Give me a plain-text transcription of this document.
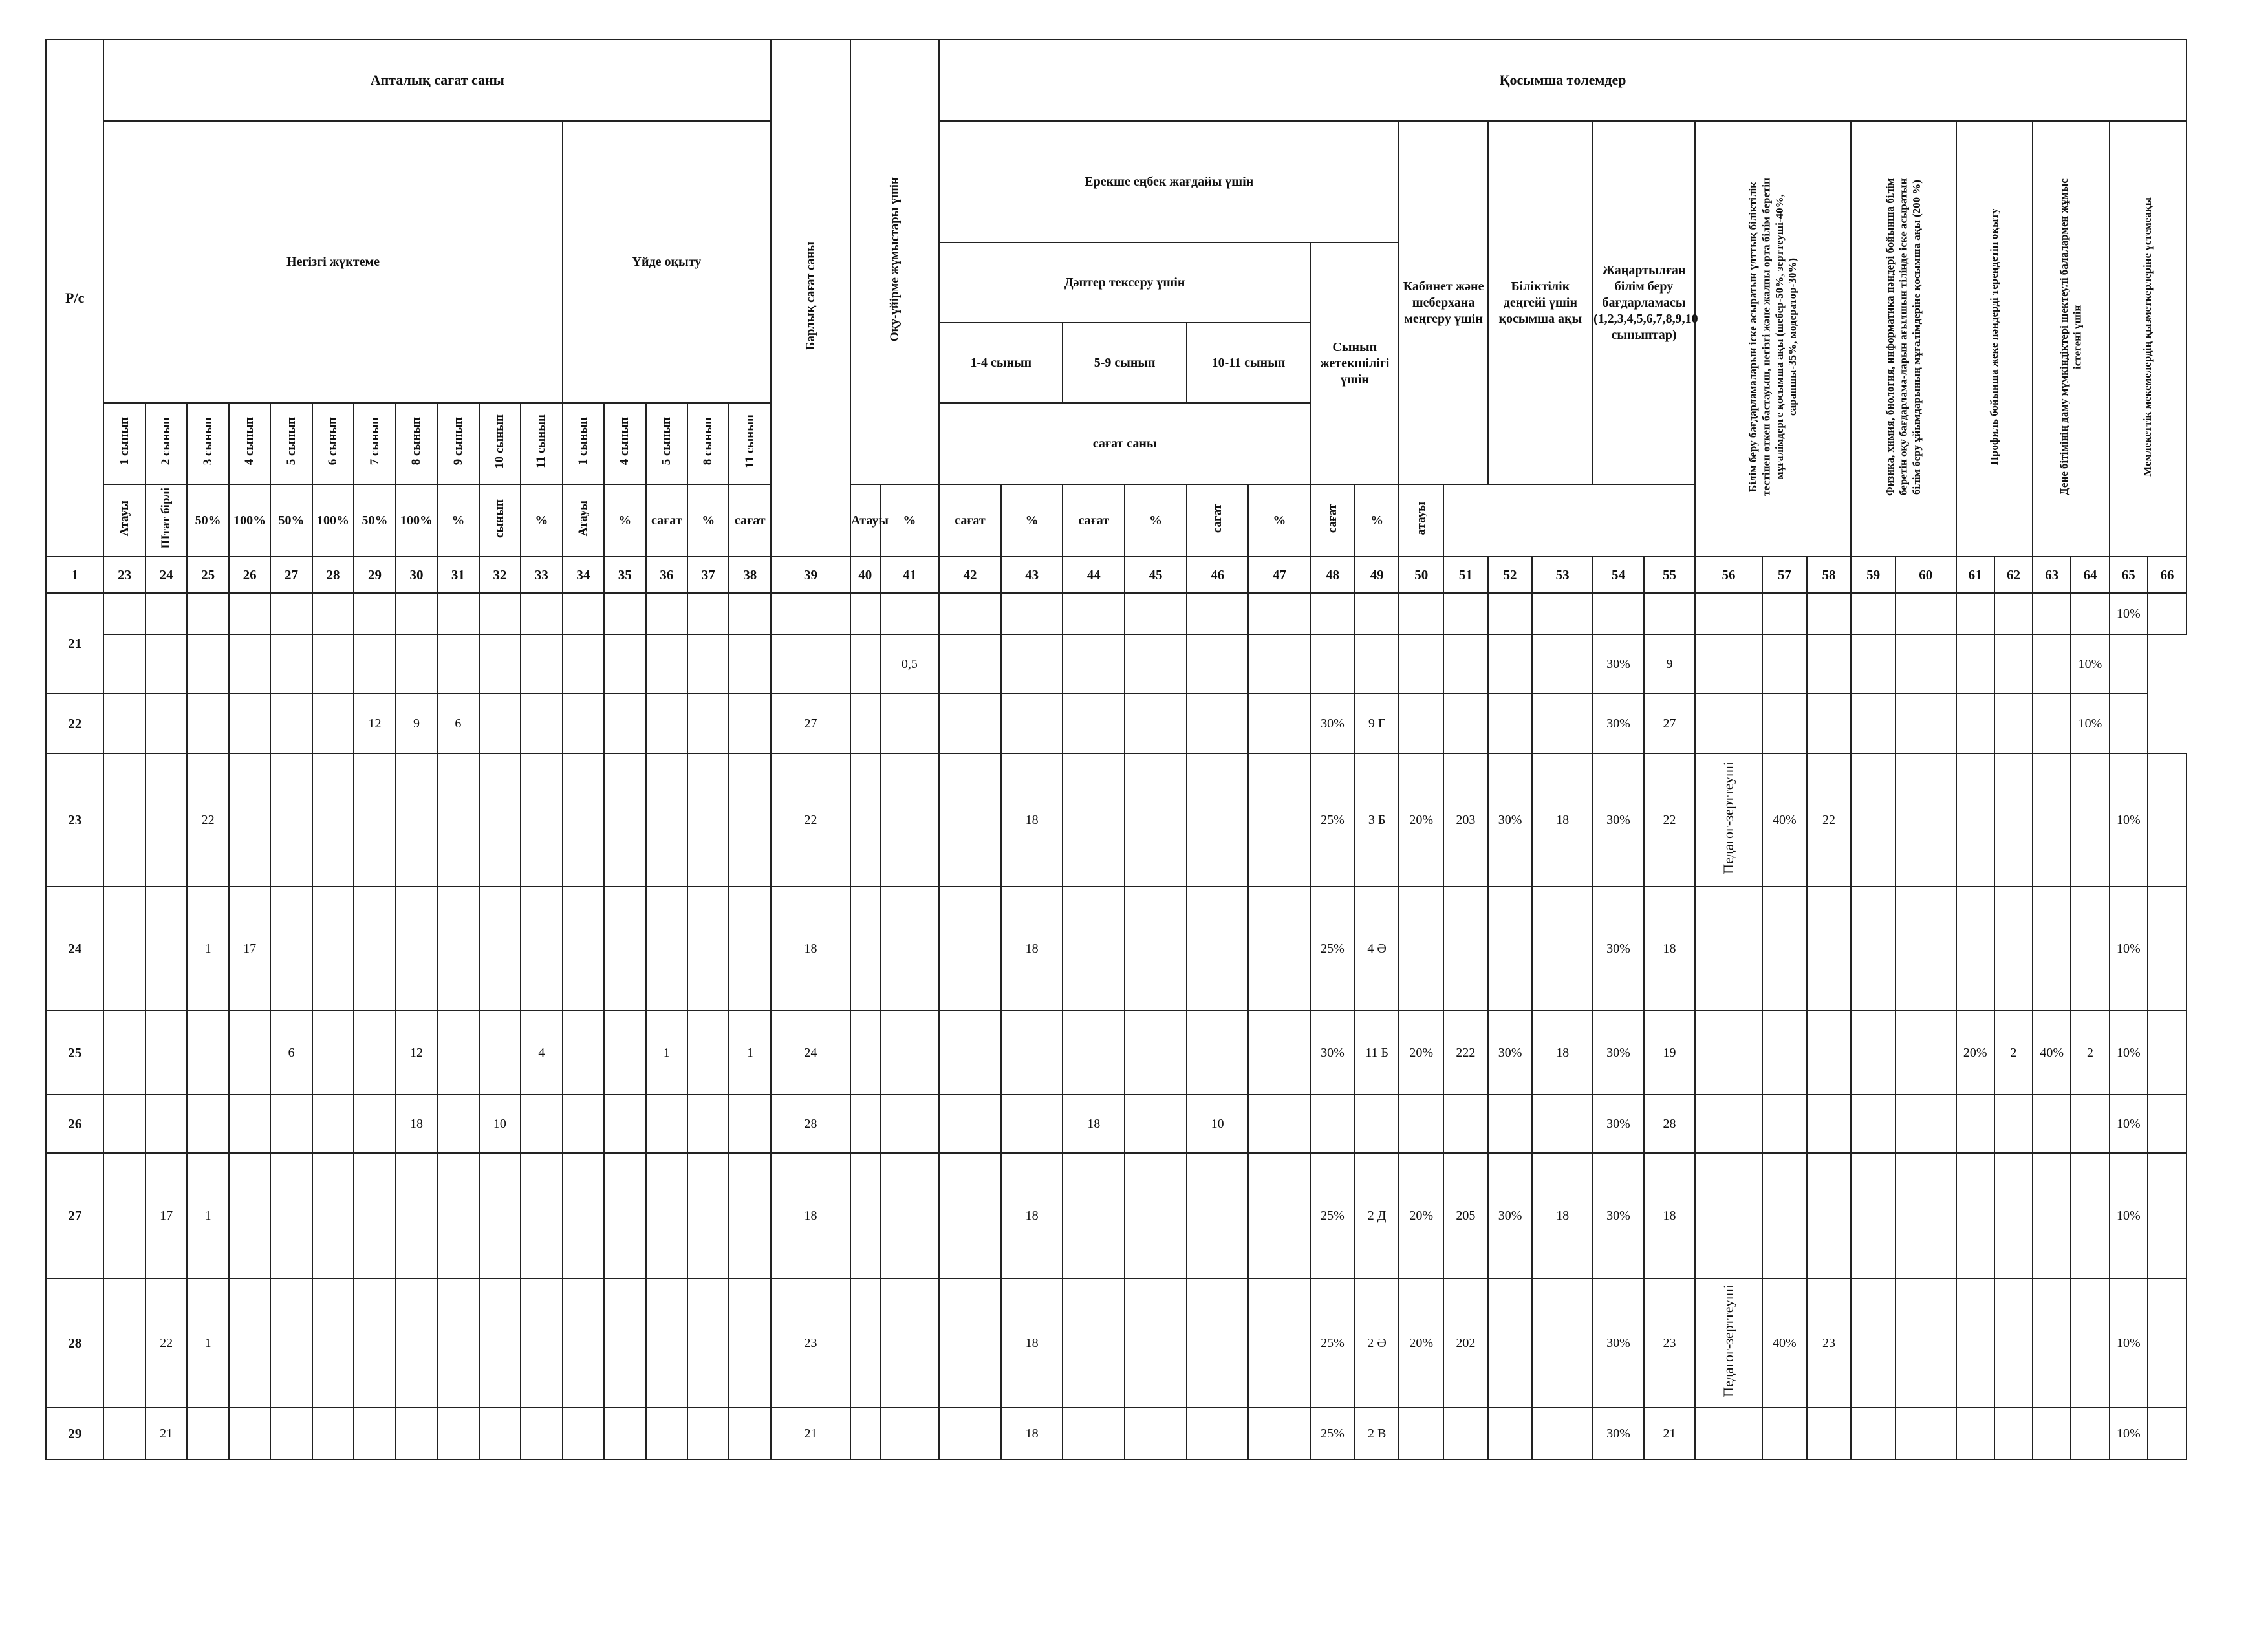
Р/с	Апталық сағат саны																Барлық сағат саны	Оқу-үйірме жұмыстары үшін		Қосымша төлемдер																								
	Негізгі жүктеме											Үйде оқыту								Ерекше еңбек жағдайы үшін								Кабинет және шеберхана меңгеру үшін		Біліктілік деңгейі үшін қосымша ақы		Жаңартылған білім беру бағдарламасы (1,2,3,4,5,6,7,8,9,10 сыныптар)		Білім беру бағдарламаларын іске асыратын ұлттық біліктілік тестінен өткен бастауыш, негізгі және жалпы орта білім беретін мұғалімдерге қосымша ақы (шебер-50%, зерттеуші-40%, сарапшы-35%, модератор-30%)			Физика, химия, биология, информатика пәндері бойынша білім беретін оқу бағдарлама-ларын ағылшын тілінде іске асыратын білім беру ұйымдарының мұғалімдеріне қосымша ақы (200 %)		Профиль бойынша жеке пәндерді тереңдетіп оқыту		Дене бітімінің даму мүмкіндіктері шектеулі балалармен жұмыс істегені үшін		Мемлекеттік мекемелердің қызметкерлеріне үстемеақы	
																				Дәптер тексеру үшін						Сынып жетекшілігі үшін																		
																				1-4 сынып		5-9 сынып		10-11 сынып																				
	1 сынып	2 сынып	3 сынып	4 сынып	5 сынып	6 сынып	7 сынып	8 сынып	9 сынып	10 сынып	11 сынып	1 сынып	4 сынып	5 сынып	8 сынып	11 сынып				сағат саны																								
	Атауы	Штат бірлі	50%	100%	50%	100%	50%	100%	%	сынып	%	Атауы	%	сағат	%	сағат		Атауы	%	сағат	%	сағат	%	сағат	%	сағат	%	атауы																
1	23	24	25	26	27	28	29	30	31	32	33	34	35	36	37	38	39	40	41	42	43	44	45	46	47	48	49	50	51	52	53	54	55	56	57	58	59	60	61	62	63	64	65	66
21																																											10%	
																			0,5													30%	9									10%		
22							12	9	6								27									30%	9 Г					30%	27									10%		
23			22														22				18					25%	3 Б	20%	203	30%	18	30%	22	Педагог-зерттеуші	40%	22							10%	
24			1	17													18				18					25%	4 Ә					30%	18										10%	
25					6			12			4			1		1	24									30%	11 Б	20%	222	30%	18	30%	19						20%	2	40%	2	10%	
26								18		10							28					18		10								30%	28										10%	
27		17	1														18				18					25%	2 Д	20%	205	30%	18	30%	18										10%	
28		22	1														23				18					25%	2 Ә	20%	202			30%	23	Педагог-зерттеуші	40%	23							10%	
29		21															21				18					25%	2 В					30%	21										10%	
